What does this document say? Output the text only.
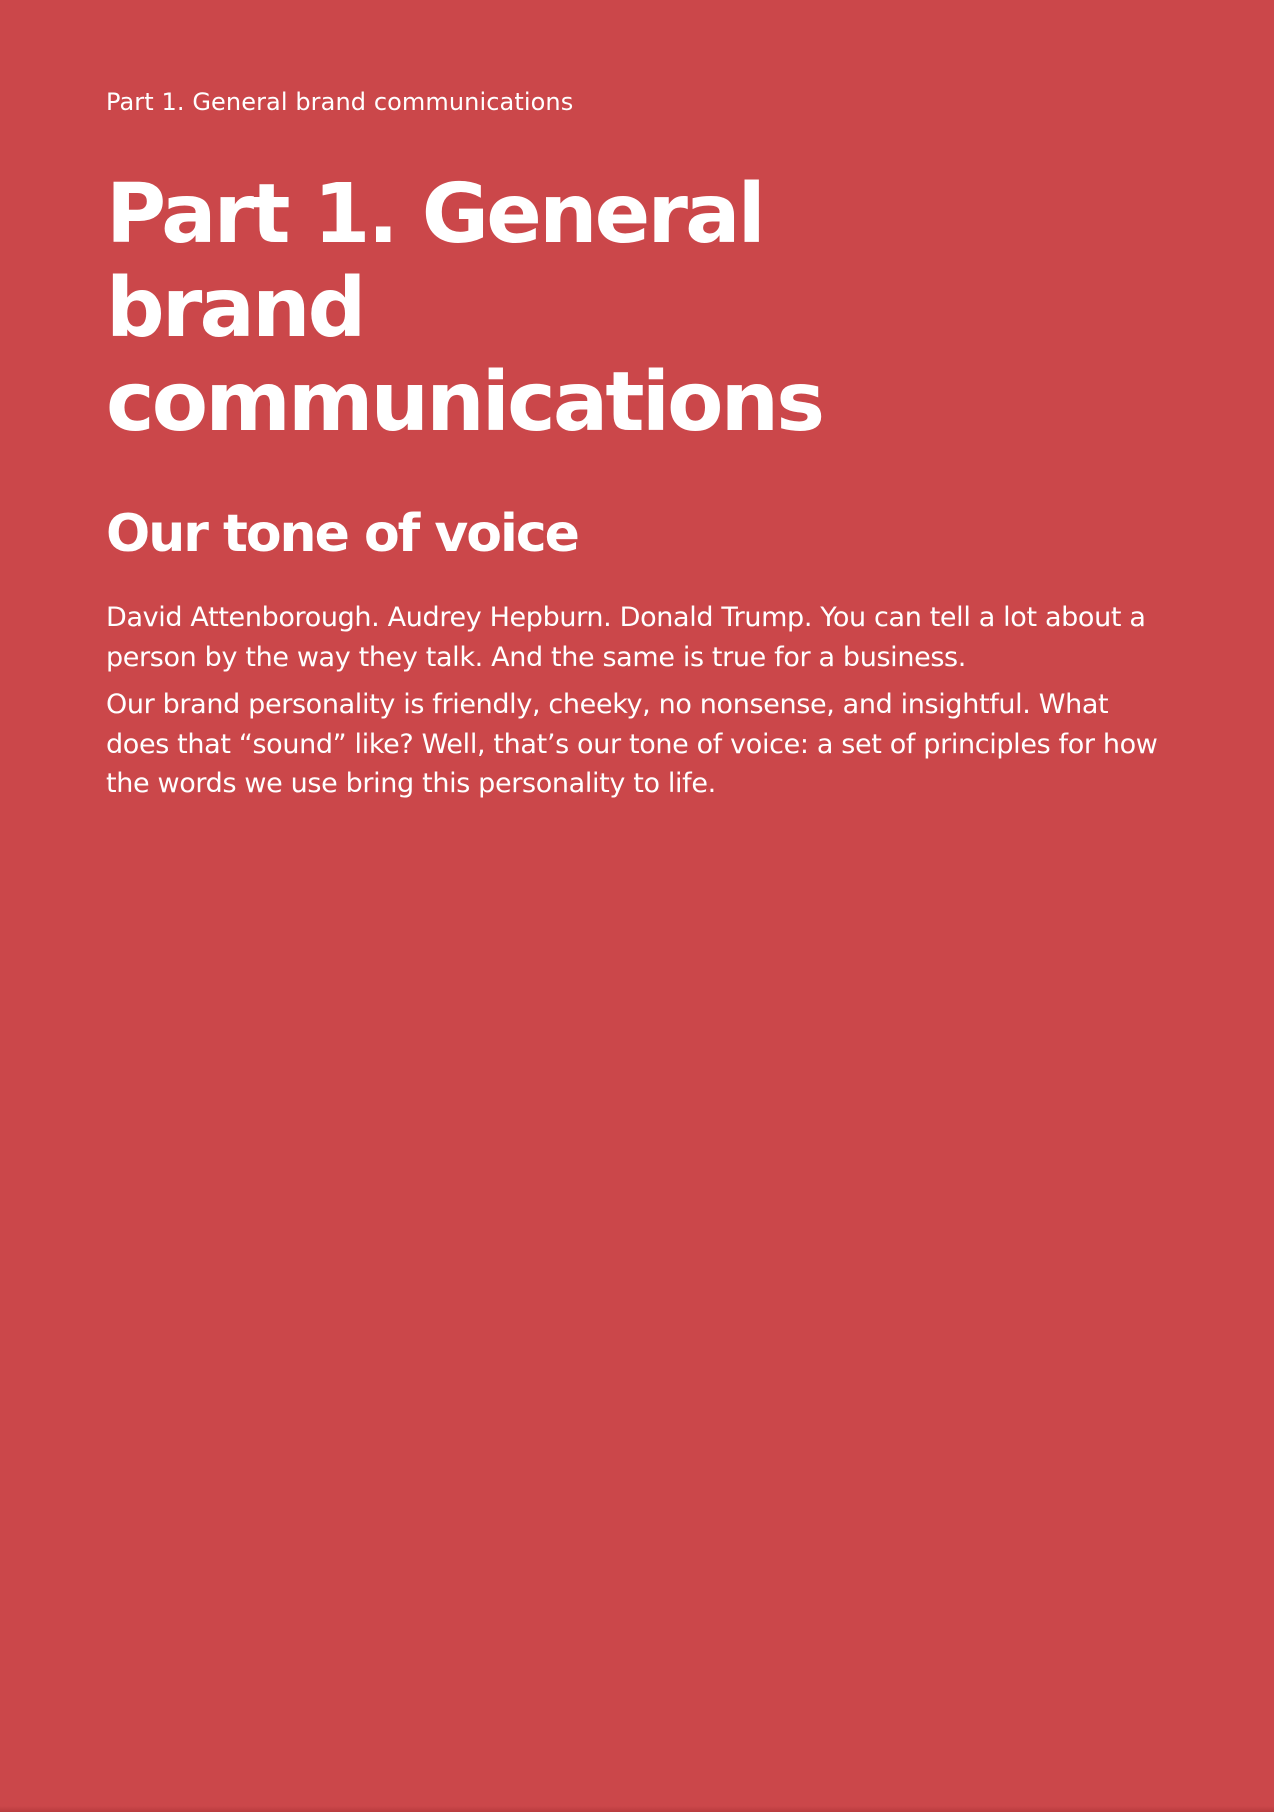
Part 1. General brand communications

Part 1. General brand communications
Our tone of voice

David Attenborough. Audrey Hepburn. Donald Trump. You can tell a lot about a person by the way they talk. And the same is true for a business.

Our brand personality is friendly, cheeky, no nonsense, and insightful. What does that “sound” like? Well, that’s our tone of voice: a set of principles for how the words we use bring this personality to life.
